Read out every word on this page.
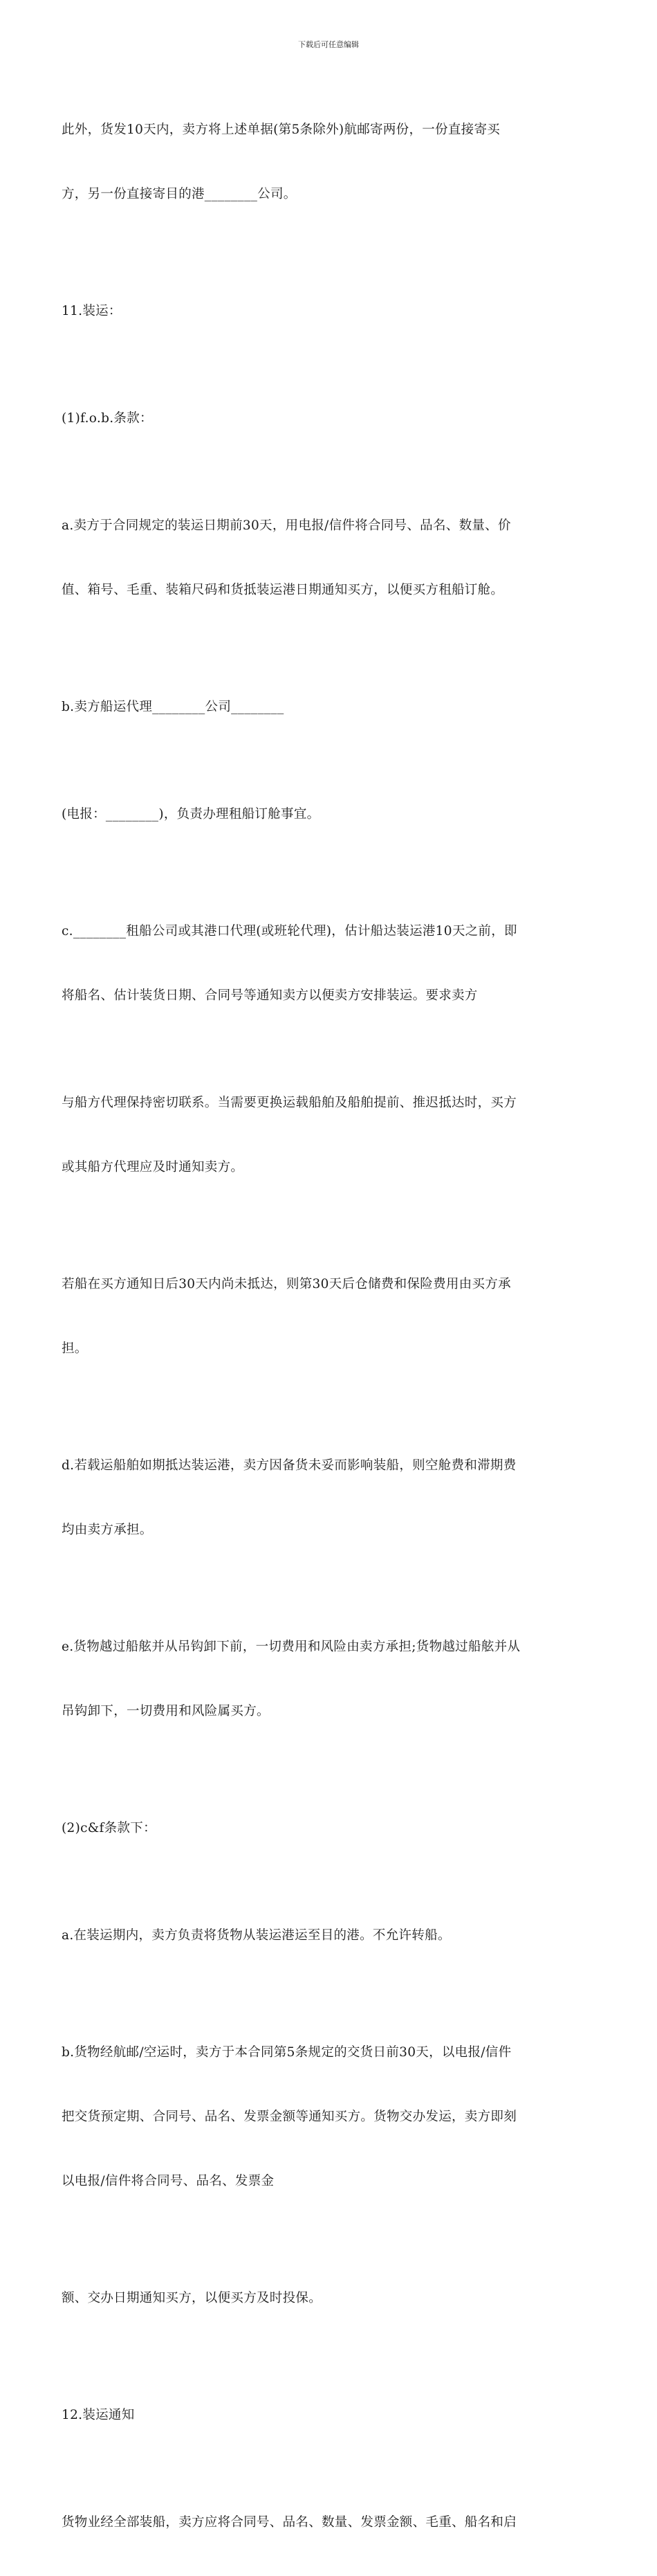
下载后可任意编辑

此外，货发10天内，卖方将上述单据(第5条除外)航邮寄两份，一份直接寄买

方，另一份直接寄目的港________公司。

11.装运：

(1)f.o.b.条款：

a.卖方于合同规定的装运日期前30天，用电报/信件将合同号、品名、数量、价

值、箱号、毛重、装箱尺码和货抵装运港日期通知买方，以便买方租船订舱。

b.卖方船运代理________公司________

(电报：________)，负责办理租船订舱事宜。

c.________租船公司或其港口代理(或班轮代理)，估计船达装运港10天之前，即

将船名、估计装货日期、合同号等通知卖方以便卖方安排装运。要求卖方

与船方代理保持密切联系。当需要更换运载船舶及船舶提前、推迟抵达时，买方

或其船方代理应及时通知卖方。

若船在买方通知日后30天内尚未抵达，则第30天后仓储费和保险费用由买方承

担。

d.若载运船舶如期抵达装运港，卖方因备货未妥而影响装船，则空舱费和滞期费

均由卖方承担。

e.货物越过船舷并从吊钩卸下前，一切费用和风险由卖方承担;货物越过船舷并从

吊钩卸下，一切费用和风险属买方。

(2)c&f条款下：

a.在装运期内，卖方负责将货物从装运港运至目的港。不允许转船。

b.货物经航邮/空运时，卖方于本合同第5条规定的交货日前30天，以电报/信件

把交货预定期、合同号、品名、发票金额等通知买方。货物交办发运，卖方即刻

以电报/信件将合同号、品名、发票金

额、交办日期通知买方，以便买方及时投保。

12.装运通知

货物业经全部装船，卖方应将合同号、品名、数量、发票金额、毛重、船名和启
